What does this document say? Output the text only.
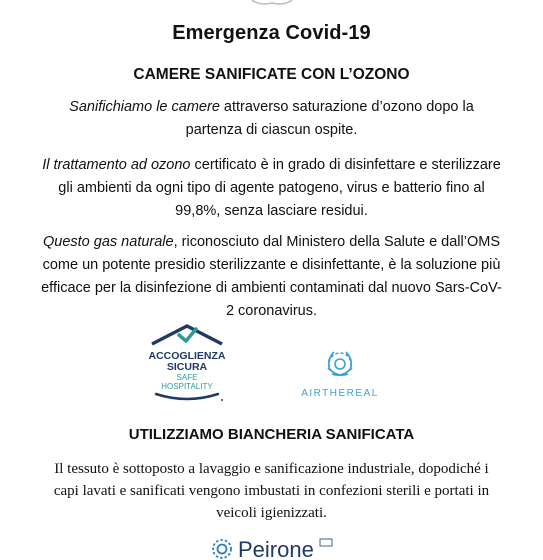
Emergenza Covid-19
CAMERE SANIFICATE CON L’OZONO

Sanifichiamo le camere attraverso saturazione d’ozono dopo la partenza di ciascun ospite.

Il trattamento ad ozono certificato è in grado di disinfettare e sterilizzare gli ambienti da ogni tipo di agente patogeno, virus e batterio fino al 99,8%, senza lasciare residui.

Questo gas naturale, riconosciuto dal Ministero della Salute e dall’OMS come un potente presidio sterilizzante e disinfettante, è la soluzione più efficace per la disinfezione di ambienti contaminati dal nuovo Sars-CoV-2 coronavirus.

ACCOGLIENZA
SICURA
SAFE
HOSPITALITY
AIRTHEREAL
UTILIZZIAMO BIANCHERIA SANIFICATA

Il tessuto è sottoposto a lavaggio e sanificazione industriale, dopodiché i capi lavati e sanificati vengono imbustati in confezioni sterili e portati in veicoli igienizzati.

Peirone
